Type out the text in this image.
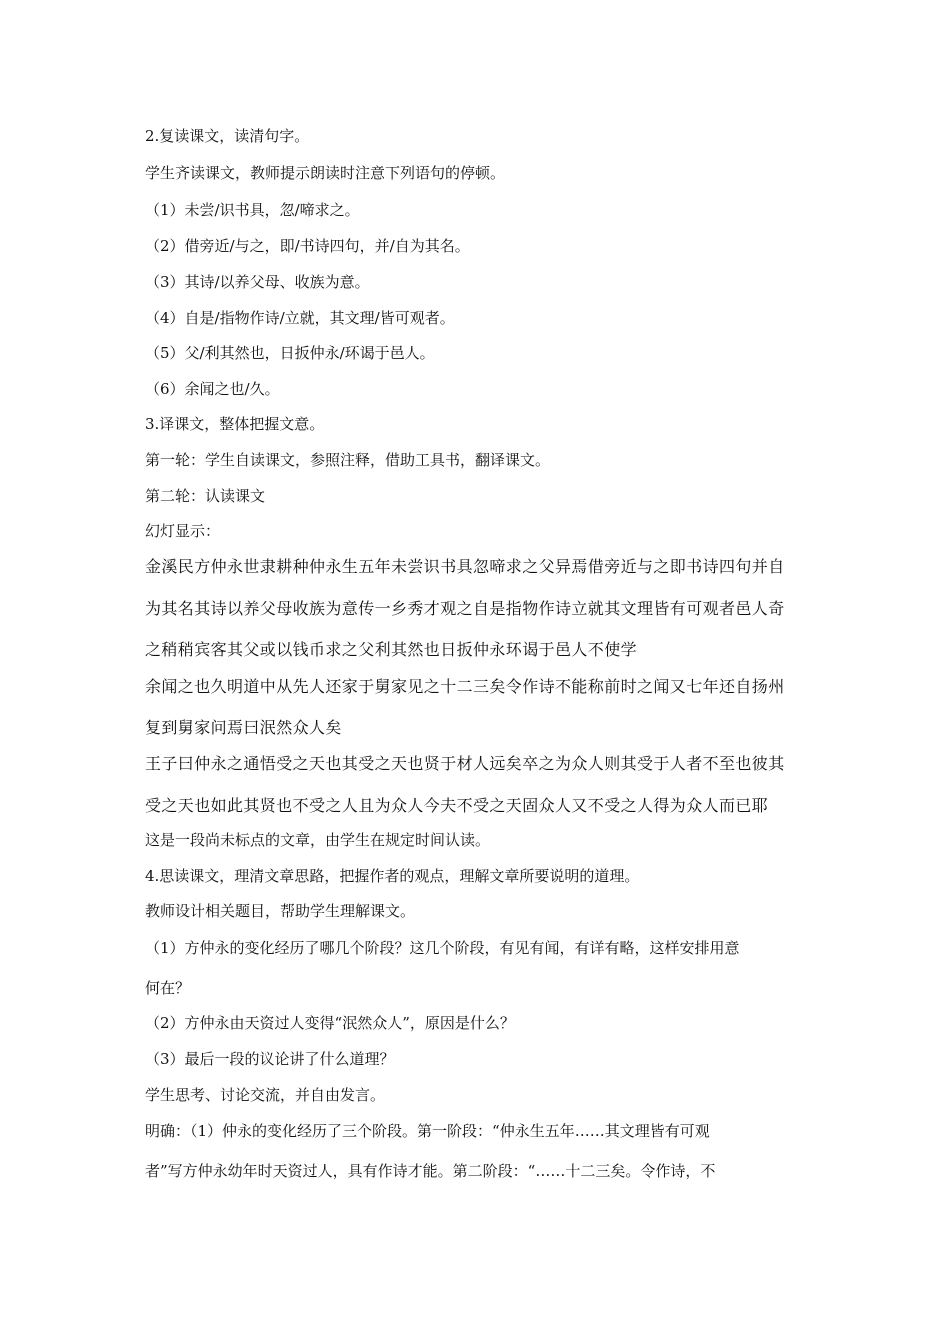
2.复读课文，读清句字。
学生齐读课文，教师提示朗读时注意下列语句的停顿。
（1）未尝/识书具，忽/啼求之。
（2）借旁近/与之，即/书诗四句，并/自为其名。
（3）其诗/以养父母、收族为意。
（4）自是/指物作诗/立就，其文理/皆可观者。
（5）父/利其然也，日扳仲永/环谒于邑人。
（6）余闻之也/久。
3.译课文，整体把握文意。
第一轮：学生自读课文，参照注释，借助工具书，翻译课文。
第二轮：认读课文
幻灯显示：
金溪民方仲永世隶耕种仲永生五年未尝识书具忽啼求之父异焉借旁近与之即书诗四句并自
为其名其诗以养父母收族为意传一乡秀才观之自是指物作诗立就其文理皆有可观者邑人奇
之稍稍宾客其父或以钱币求之父利其然也日扳仲永环谒于邑人不使学
余闻之也久明道中从先人还家于舅家见之十二三矣令作诗不能称前时之闻又七年还自扬州
复到舅家问焉曰泯然众人矣
王子曰仲永之通悟受之天也其受之天也贤于材人远矣卒之为众人则其受于人者不至也彼其
受之天也如此其贤也不受之人且为众人今夫不受之天固众人又不受之人得为众人而已耶
这是一段尚未标点的文章，由学生在规定时间认读。
4.思读课文，理清文章思路，把握作者的观点，理解文章所要说明的道理。
教师设计相关题目，帮助学生理解课文。
（1）方仲永的变化经历了哪几个阶段？这几个阶段，有见有闻，有详有略，这样安排用意
何在？
（2）方仲永由天资过人变得“泯然众人”，原因是什么？
（3）最后一段的议论讲了什么道理？
学生思考、讨论交流，并自由发言。
明确：（1）仲永的变化经历了三个阶段。第一阶段：“仲永生五年……其文理皆有可观
者”写方仲永幼年时天资过人，具有作诗才能。第二阶段：“……十二三矣。令作诗，不
